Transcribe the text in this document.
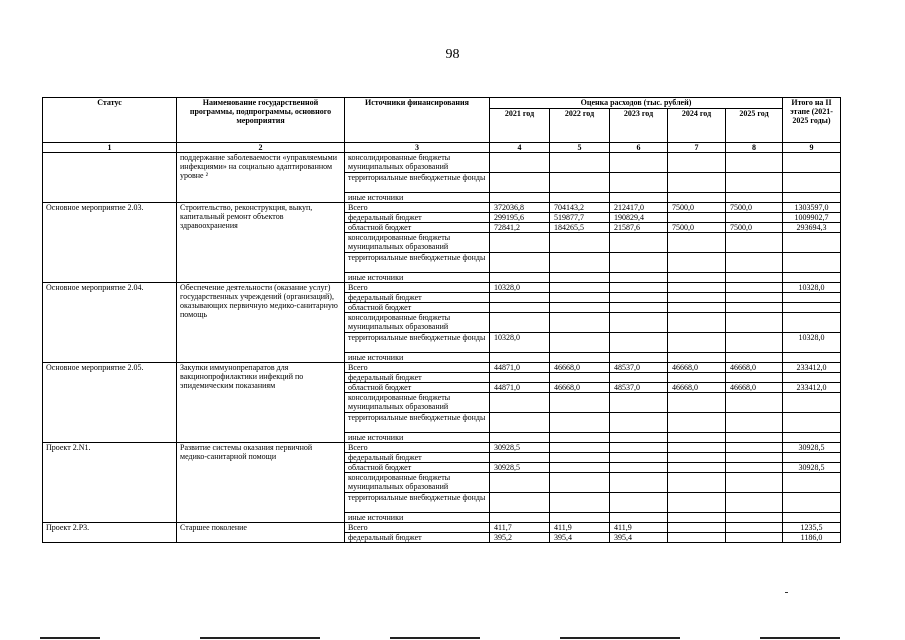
98
Статус	Наименование государственной программы, подпрограммы, основного мероприятия	Источники финансирования	Оценка расходов (тыс. рублей)					Итого на II этапе (2021-2025 годы)
			2021 год	2022 год	2023 год	2024 год	2025 год	
1	2	3	4	5	6	7	8	9
	поддержание заболеваемости «управляемыми инфекциями» на социально адаптированном уровне ²	консолидированные бюджеты муниципальных образований						
		территориальные внебюджетные фонды						
		иные источники						
Основное мероприятие 2.03.	Строительство, реконструкция, выкуп, капитальный ремонт объектов здравоохранения	Всего	372036,8	704143,2	212417,0	7500,0	7500,0	1303597,0
		федеральный бюджет	299195,6	519877,7	190829,4			1009902,7
		областной бюджет	72841,2	184265,5	21587,6	7500,0	7500,0	293694,3
		консолидированные бюджеты муниципальных образований						
		территориальные внебюджетные фонды						
		иные источники						
Основное мероприятие 2.04.	Обеспечение деятельности (оказание услуг) государственных учреждений (организаций), оказывающих первичную медико-санитарную помощь	Всего	10328,0					10328,0
		федеральный бюджет						
		областной бюджет						
		консолидированные бюджеты муниципальных образований						
		территориальные внебюджетные фонды	10328,0					10328,0
		иные источники						
Основное мероприятие 2.05.	Закупки иммунопрепаратов для вакцинопрофилактики инфекций по эпидемическим показаниям	Всего	44871,0	46668,0	48537,0	46668,0	46668,0	233412,0
		федеральный бюджет						
		областной бюджет	44871,0	46668,0	48537,0	46668,0	46668,0	233412,0
		консолидированные бюджеты муниципальных образований						
		территориальные внебюджетные фонды						
		иные источники						
Проект 2.N1.	Развитие системы оказания первичной медико-санитарной помощи	Всего	30928,5					30928,5
		федеральный бюджет						
		областной бюджет	30928,5					30928,5
		консолидированные бюджеты муниципальных образований						
		территориальные внебюджетные фонды						
		иные источники						
Проект 2.P3.	Старшее поколение	Всего	411,7	411,9	411,9			1235,5
		федеральный бюджет	395,2	395,4	395,4			1186,0
